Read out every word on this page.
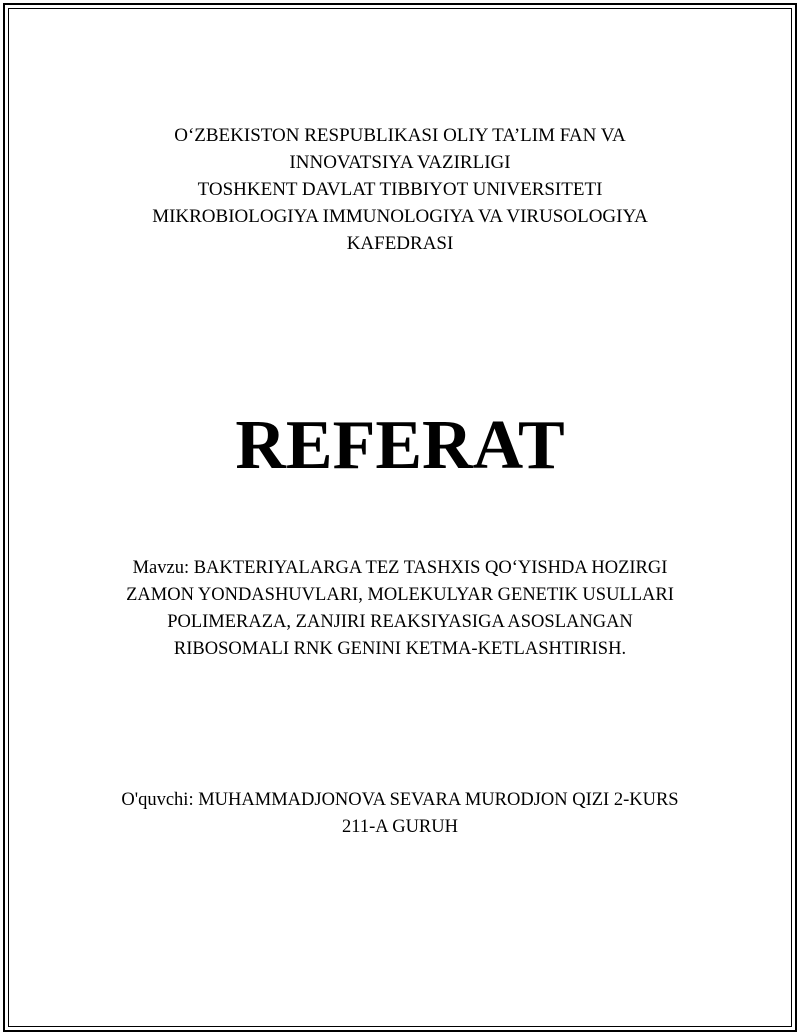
O‘ZBEKISTON RESPUBLIKASI OLIY TA’LIM FAN VA
INNOVATSIYA VAZIRLIGI
TOSHKENT DAVLAT TIBBIYOT UNIVERSITETI
MIKROBIOLOGIYA IMMUNOLOGIYA VA VIRUSOLOGIYA
KAFEDRASI
REFERAT
Mavzu: BAKTERIYALARGA TEZ TASHXIS QO‘YISHDA HOZIRGI
ZAMON YONDASHUVLARI, MOLEKULYAR GENETIK USULLARI
POLIMERAZA, ZANJIRI REAKSIYASIGA ASOSLANGAN
RIBOSOMALI RNK GENINI KETMA-KETLASHTIRISH.
O'quvchi: MUHAMMADJONOVA SEVARA MURODJON QIZI 2-KURS
211-A GURUH
